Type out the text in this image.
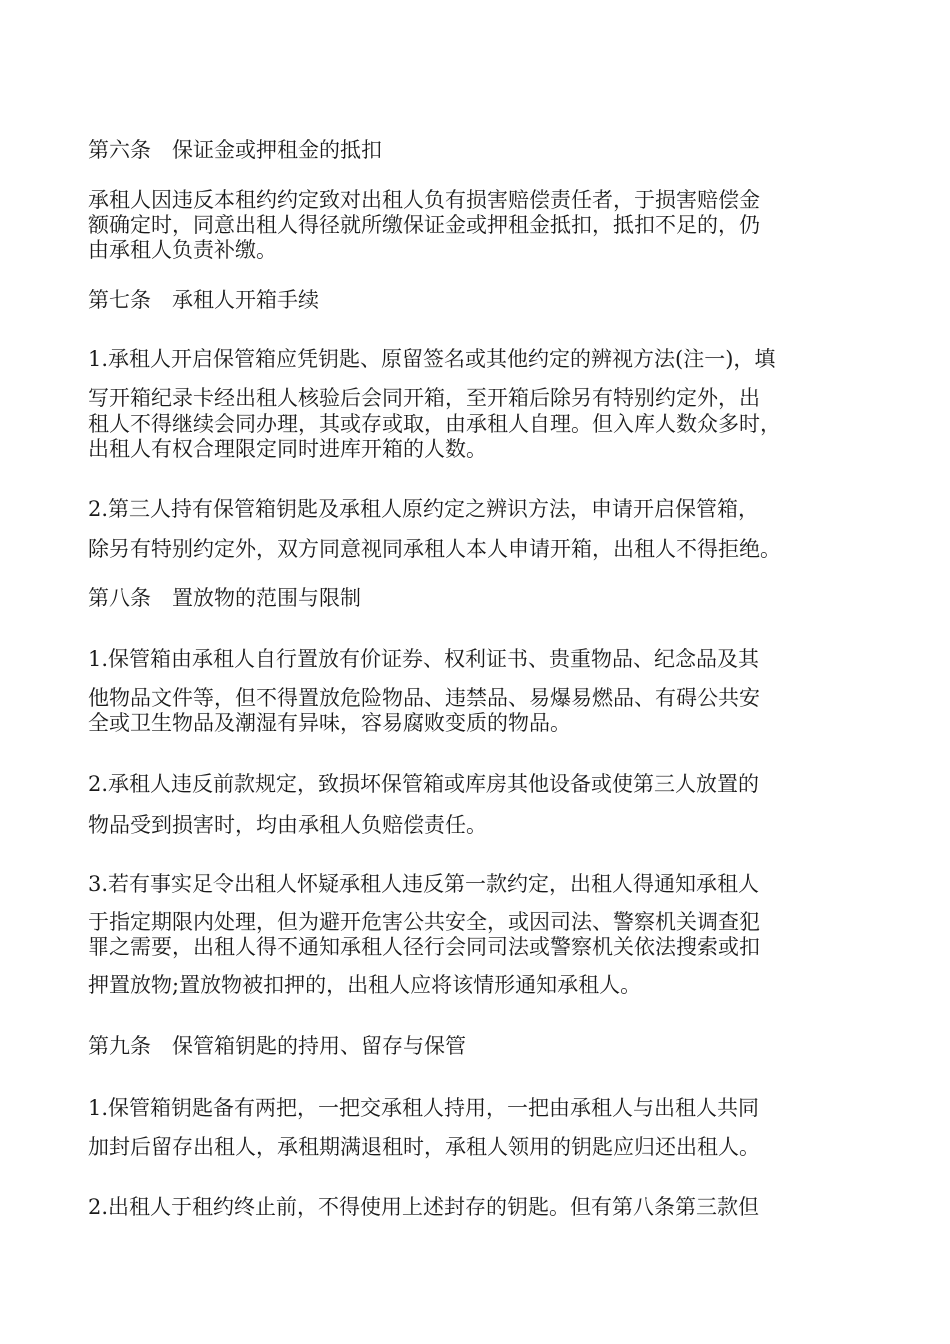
第六条　保证金或押租金的抵扣

承租人因违反本租约约定致对出租人负有损害赔偿责任者，于损害赔偿金

额确定时，同意出租人得径就所缴保证金或押租金抵扣，抵扣不足的，仍

由承租人负责补缴。

第七条　承租人开箱手续

1.承租人开启保管箱应凭钥匙、原留签名或其他约定的辨视方法(注一)，填

写开箱纪录卡经出租人核验后会同开箱，至开箱后除另有特别约定外，出

租人不得继续会同办理，其或存或取，由承租人自理。但入库人数众多时，

出租人有权合理限定同时进库开箱的人数。

2.第三人持有保管箱钥匙及承租人原约定之辨识方法，申请开启保管箱，

除另有特别约定外，双方同意视同承租人本人申请开箱，出租人不得拒绝。

第八条　置放物的范围与限制

1.保管箱由承租人自行置放有价证券、权利证书、贵重物品、纪念品及其

他物品文件等，但不得置放危险物品、违禁品、易爆易燃品、有碍公共安

全或卫生物品及潮湿有异味，容易腐败变质的物品。

2.承租人违反前款规定，致损坏保管箱或库房其他设备或使第三人放置的

物品受到损害时，均由承租人负赔偿责任。

3.若有事实足令出租人怀疑承租人违反第一款约定，出租人得通知承租人

于指定期限内处理，但为避开危害公共安全，或因司法、警察机关调查犯

罪之需要，出租人得不通知承租人径行会同司法或警察机关依法搜索或扣

押置放物;置放物被扣押的，出租人应将该情形通知承租人。

第九条　保管箱钥匙的持用、留存与保管

1.保管箱钥匙备有两把，一把交承租人持用，一把由承租人与出租人共同

加封后留存出租人，承租期满退租时，承租人领用的钥匙应归还出租人。

2.出租人于租约终止前，不得使用上述封存的钥匙。但有第八条第三款但
